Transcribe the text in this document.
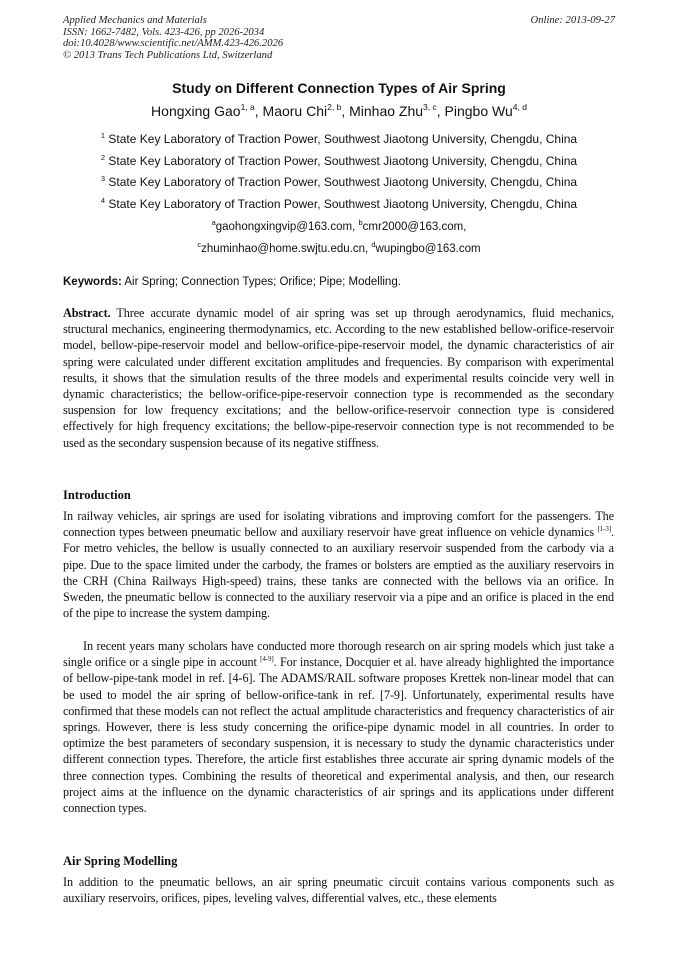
Applied Mechanics and Materials
ISSN: 1662-7482, Vols. 423-426, pp 2026-2034
doi:10.4028/www.scientific.net/AMM.423-426.2026
© 2013 Trans Tech Publications Ltd, Switzerland
Online: 2013-09-27
Study on Different Connection Types of Air Spring
Hongxing Gao$^{1, a}$, Maoru Chi$^{2, b}$, Minhao Zhu$^{3, c}$, Pingbo Wu$^{4, d}$
$^1$ State Key Laboratory of Traction Power, Southwest Jiaotong University, Chengdu, China
$^2$ State Key Laboratory of Traction Power, Southwest Jiaotong University, Chengdu, China
$^3$ State Key Laboratory of Traction Power, Southwest Jiaotong University, Chengdu, China
$^4$ State Key Laboratory of Traction Power, Southwest Jiaotong University, Chengdu, China
$^a$gaohongxingvip@163.com, $^b$cmr2000@163.com,
$^c$zhuminhao@home.swjtu.edu.cn, $^d$wupingbo@163.com
Keywords: Air Spring; Connection Types; Orifice; Pipe; Modelling.
Abstract. Three accurate dynamic model of air spring was set up through aerodynamics, fluid mechanics, structural mechanics, engineering thermodynamics, etc. According to the new established bellow-orifice-reservoir model, bellow-pipe-reservoir model and bellow-orifice-pipe-reservoir model, the dynamic characteristics of air spring were calculated under different excitation amplitudes and frequencies. By comparison with experimental results, it shows that the simulation results of the three models and experimental results coincide very well in dynamic characteristics; the bellow-orifice-pipe-reservoir connection type is recommended as the secondary suspension for low frequency excitations; and the bellow-orifice-reservoir connection type is considered effectively for high frequency excitations; the bellow-pipe-reservoir connection type is not recommended to be used as the secondary suspension because of its negative stiffness.
Introduction
In railway vehicles, air springs are used for isolating vibrations and improving comfort for the passengers. The connection types between pneumatic bellow and auxiliary reservoir have great influence on vehicle dynamics [1-3]. For metro vehicles, the bellow is usually connected to an auxiliary reservoir suspended from the carbody via a pipe. Due to the space limited under the carbody, the frames or bolsters are emptied as the auxiliary reservoirs in the CRH (China Railways High-speed) trains, these tanks are connected with the bellows via an orifice. In Sweden, the pneumatic bellow is connected to the auxiliary reservoir via a pipe and an orifice is placed in the end of the pipe to increase the system damping.
In recent years many scholars have conducted more thorough research on air spring models which just take a single orifice or a single pipe in account [4-9]. For instance, Docquier et al. have already highlighted the importance of bellow-pipe-tank model in ref. [4-6]. The ADAMS/RAIL software proposes Krettek non-linear model that can be used to model the air spring of bellow-orifice-tank in ref. [7-9]. Unfortunately, experimental results have confirmed that these models can not reflect the actual amplitude characteristics and frequency characteristics of air springs. However, there is less study concerning the orifice-pipe dynamic model in all countries. In order to optimize the best parameters of secondary suspension, it is necessary to study the dynamic characteristics under different connection types. Therefore, the article first establishes three accurate air spring dynamic models of the three connection types. Combining the results of theoretical and experimental analysis, and then, our research project aims at the influence on the dynamic characteristics of air springs and its applications under different connection types.
Air Spring Modelling
In addition to the pneumatic bellows, an air spring pneumatic circuit contains various components such as auxiliary reservoirs, orifices, pipes, leveling valves, differential valves, etc., these elements
